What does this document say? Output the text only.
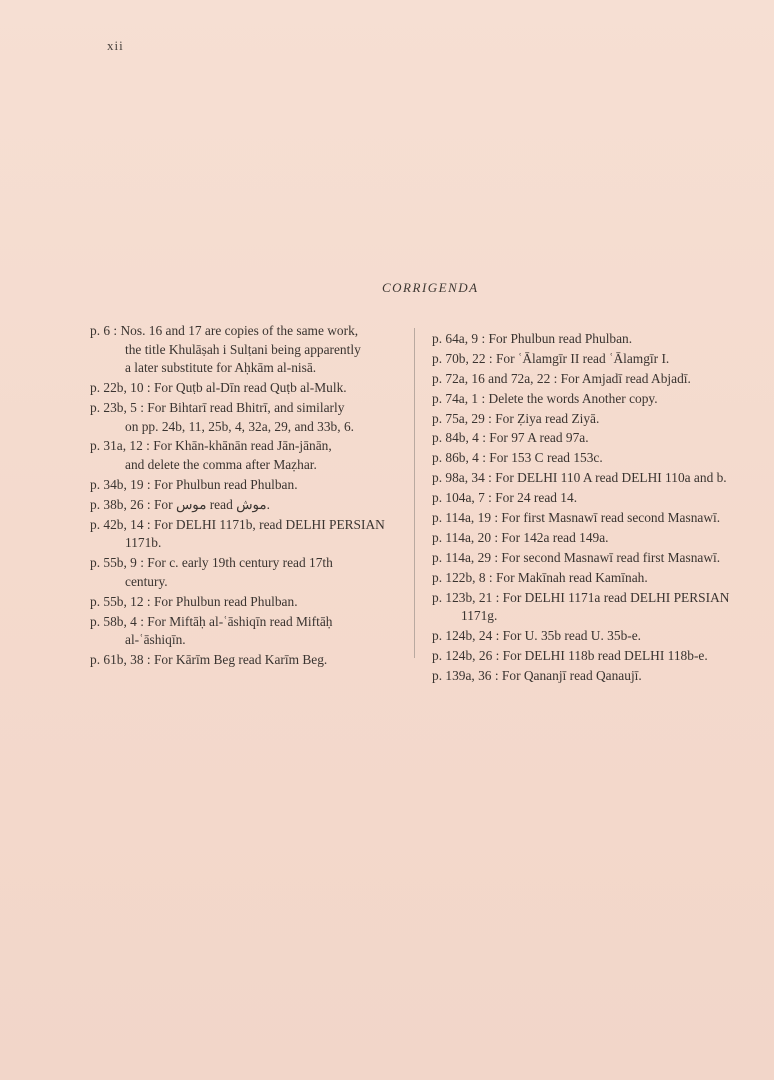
xii
CORRIGENDA
p. 6 : Nos. 16 and 17 are copies of the same work,
the title Khulāṣah i Sulṭani being apparently
a later substitute for Aḥkām al-nisā.
p. 22b, 10 : For Quṭb al-Dīn read Quṭb al-Mulk.
p. 23b, 5 : For Bihtarī read Bhitrī, and similarly
on pp. 24b, 11, 25b, 4, 32a, 29, and 33b, 6.
p. 31a, 12 : For Khān-khānān read Jān-jānān,
and delete the comma after Maẓhar.
p. 34b, 19 : For Phulbun read Phulban.
p. 38b, 26 : For موس read موش.
p. 42b, 14 : For DELHI 1171b, read DELHI PERSIAN
1171b.
p. 55b, 9 : For c. early 19th century read 17th
century.
p. 55b, 12 : For Phulbun read Phulban.
p. 58b, 4 : For Miftāḥ al-ʿāshiqīn read Miftāḥ
al-ʿāshiqīn.
p. 61b, 38 : For Kārīm Beg read Karīm Beg.
p. 64a, 9 : For Phulbun read Phulban.
p. 70b, 22 : For ʿĀlamgīr II read ʿĀlamgīr I.
p. 72a, 16 and 72a, 22 : For Amjadī read Abjadī.
p. 74a, 1 : Delete the words Another copy.
p. 75a, 29 : For Ẓiya read Ziyā.
p. 84b, 4 : For 97 A read 97a.
p. 86b, 4 : For 153 C read 153c.
p. 98a, 34 : For DELHI 110 A read DELHI 110a and b.
p. 104a, 7 : For 24 read 14.
p. 114a, 19 : For first Masnawī read second Masnawī.
p. 114a, 20 : For 142a read 149a.
p. 114a, 29 : For second Masnawī read first Masnawī.
p. 122b, 8 : For Makīnah read Kamīnah.
p. 123b, 21 : For DELHI 1171a read DELHI PERSIAN
1171g.
p. 124b, 24 : For U. 35b read U. 35b-e.
p. 124b, 26 : For DELHI 118b read DELHI 118b-e.
p. 139a, 36 : For Qananjī read Qanaujī.
